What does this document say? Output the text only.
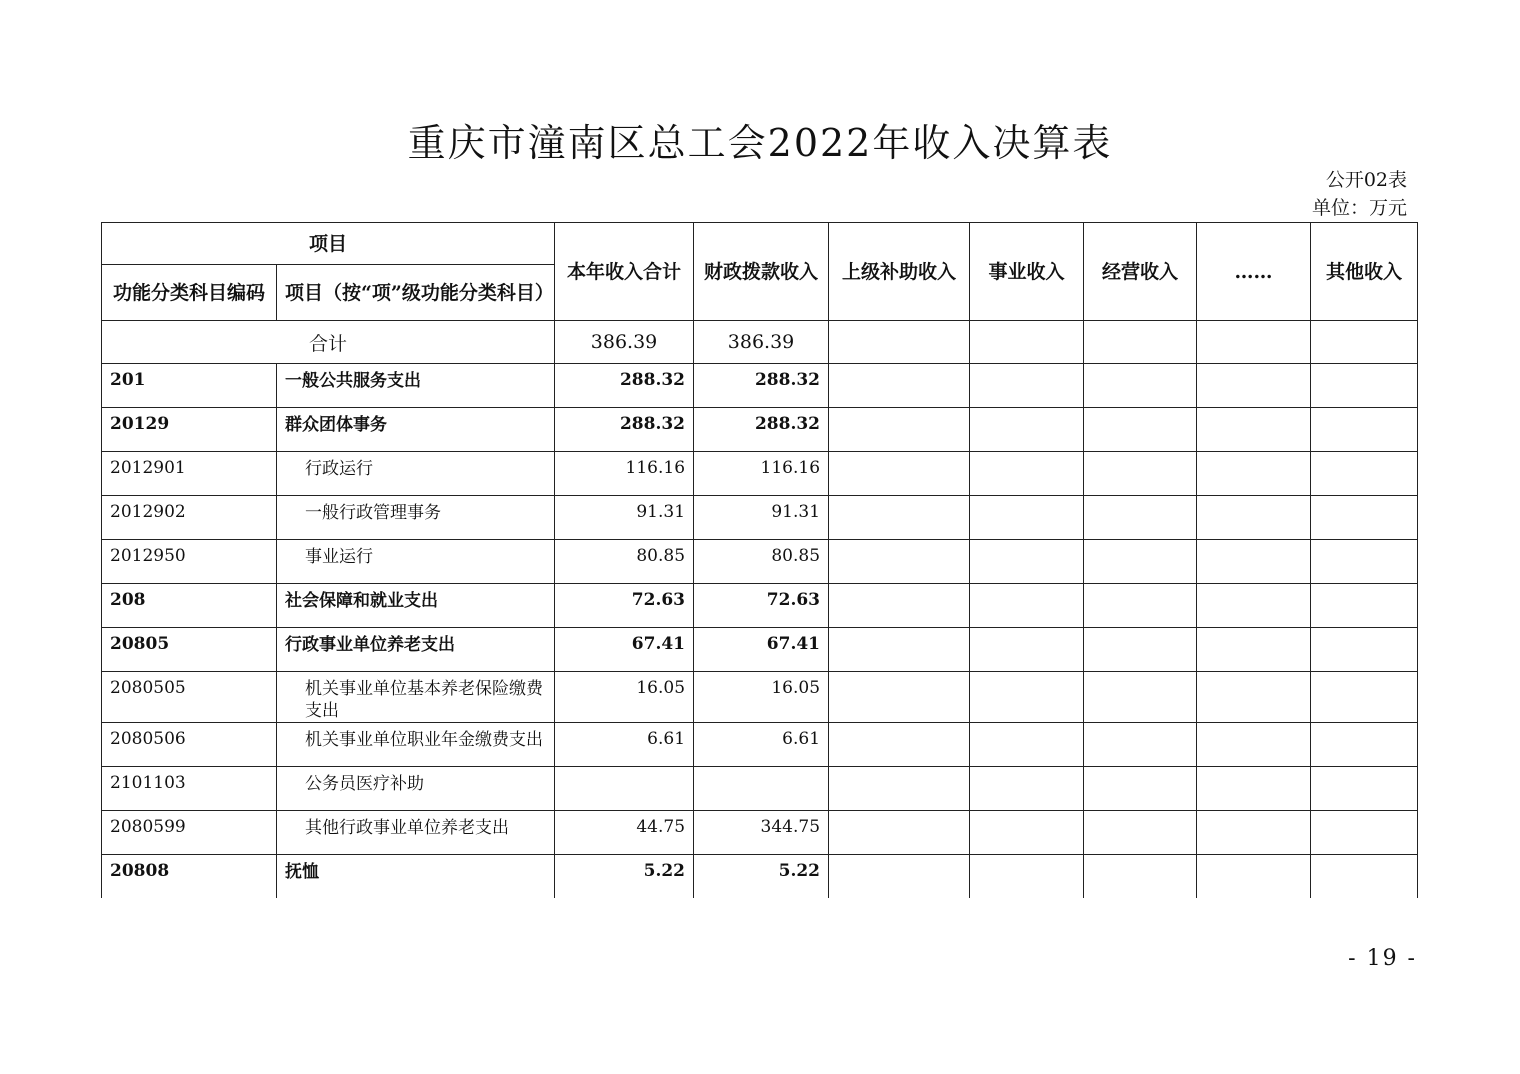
重庆市潼南区总工会2022年收入决算表
公开02表
单位：万元
项目		本年收入合计	财政拨款收入	上级补助收入	事业收入	经营收入	……	其他收入
功能分类科目编码	项目（按“项”级功能分类科目）							
合计		386.39	386.39					
201	一般公共服务支出	288.32	288.32					
20129	群众团体事务	288.32	288.32					
2012901	行政运行	116.16	116.16					
2012902	一般行政管理事务	91.31	91.31					
2012950	事业运行	80.85	80.85					
208	社会保障和就业支出	72.63	72.63					
20805	行政事业单位养老支出	67.41	67.41					
2080505	机关事业单位基本养老保险缴费支出	16.05	16.05					
2080506	机关事业单位职业年金缴费支出	6.61	6.61					
2101103	公务员医疗补助							
2080599	其他行政事业单位养老支出	44.75	344.75					
20808	抚恤	5.22	5.22					
- 19 -
